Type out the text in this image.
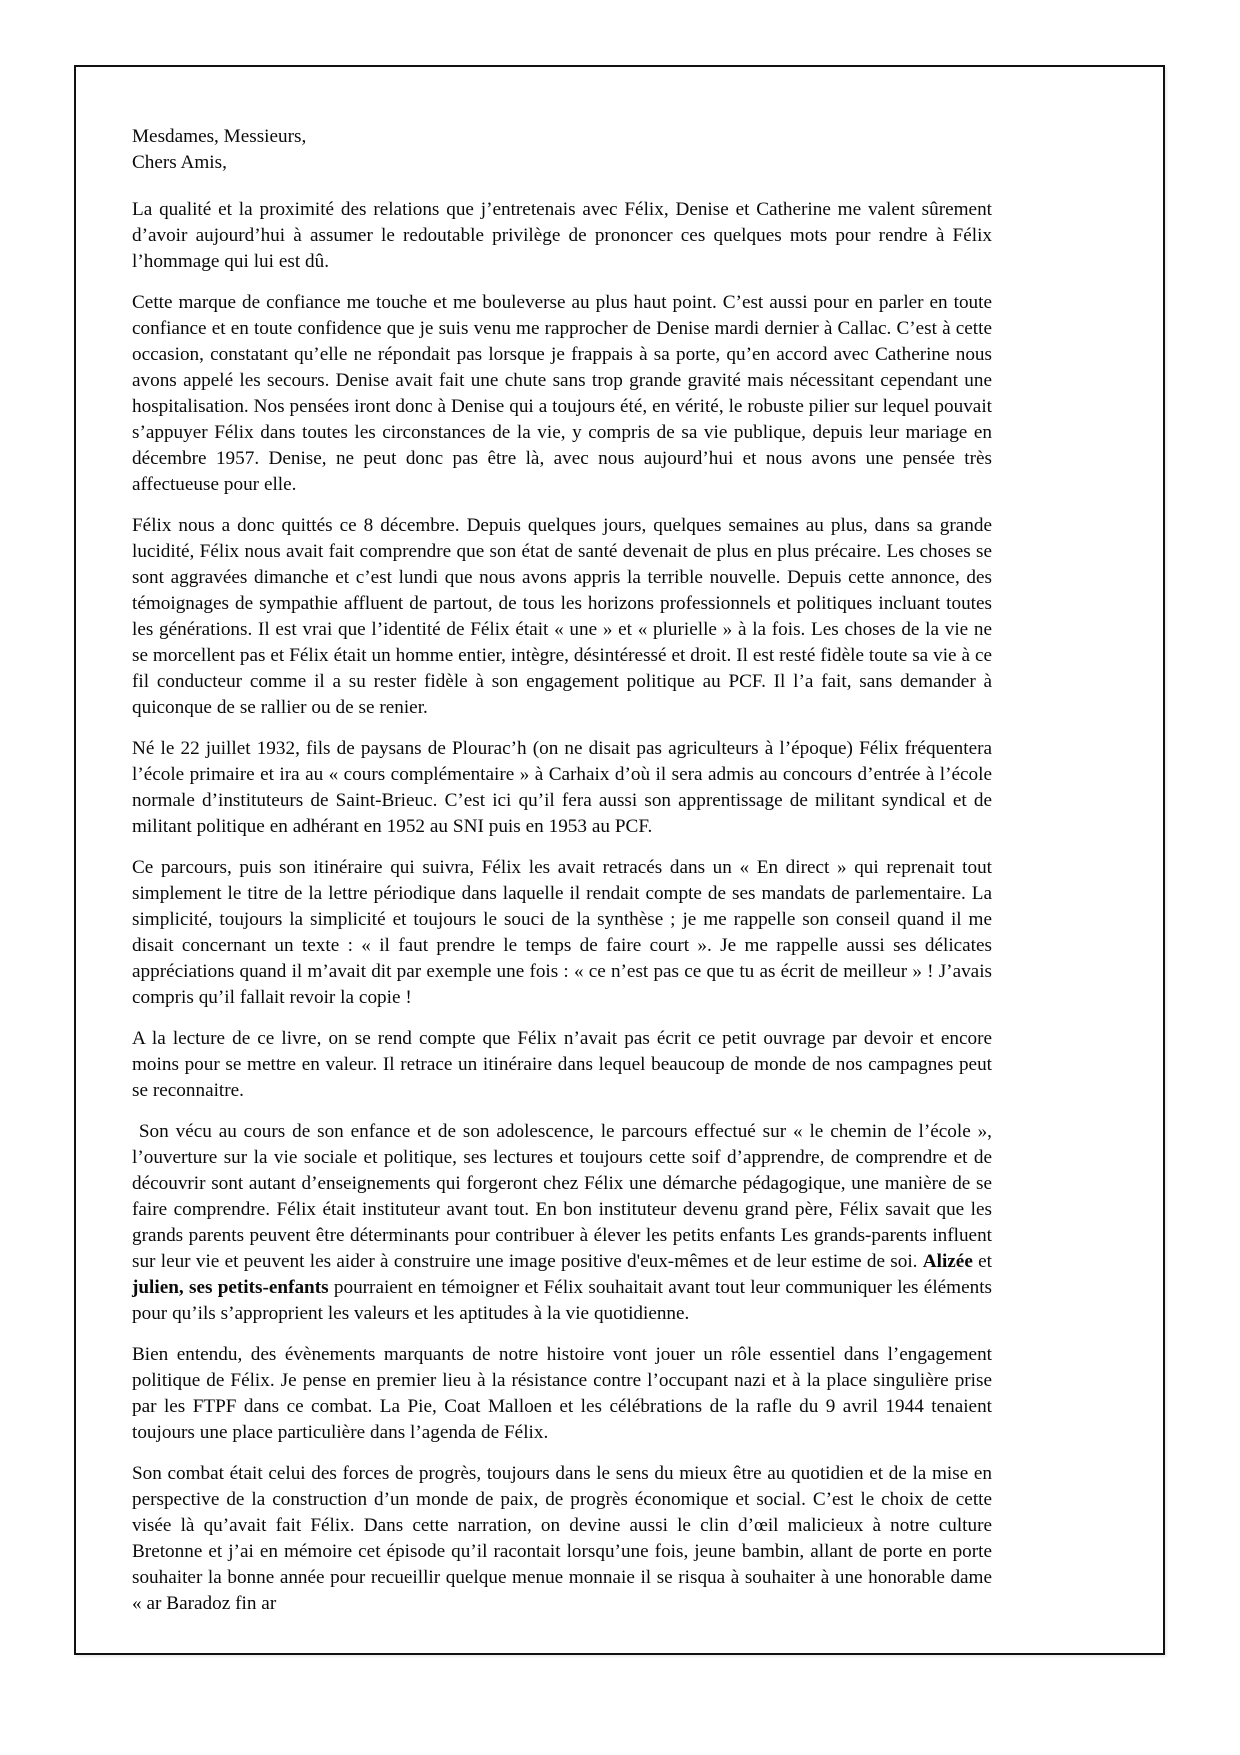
Mesdames, Messieurs,
Chers Amis,

La qualité et la proximité des relations que j’entretenais avec Félix, Denise et Catherine me valent sûrement d’avoir aujourd’hui à assumer le redoutable privilège de prononcer ces quelques mots pour rendre à Félix l’hommage qui lui est dû.

Cette marque de confiance me touche et me bouleverse au plus haut point. C’est aussi pour en parler en toute confiance et en toute confidence que je suis venu me rapprocher de Denise mardi dernier à Callac. C’est à cette occasion, constatant qu’elle ne répondait pas lorsque je frappais à sa porte, qu’en accord avec Catherine nous avons appelé les secours. Denise avait fait une chute sans trop grande gravité mais nécessitant cependant une hospitalisation. Nos pensées iront donc à Denise qui a toujours été, en vérité, le robuste pilier sur lequel pouvait s’appuyer Félix dans toutes les circonstances de la vie, y compris de sa vie publique, depuis leur mariage en décembre 1957. Denise, ne peut donc pas être là, avec nous aujourd’hui et nous avons une pensée très affectueuse pour elle.

Félix nous a donc quittés ce 8 décembre. Depuis quelques jours, quelques semaines au plus, dans sa grande lucidité, Félix nous avait fait comprendre que son état de santé devenait de plus en plus précaire. Les choses se sont aggravées dimanche et c’est lundi que nous avons appris la terrible nouvelle. Depuis cette annonce, des témoignages de sympathie affluent de partout, de tous les horizons professionnels et politiques incluant toutes les générations. Il est vrai que l’identité de Félix était « une » et « plurielle » à la fois. Les choses de la vie ne se morcellent pas et Félix était un homme entier, intègre, désintéressé et droit. Il est resté fidèle toute sa vie à ce fil conducteur comme il a su rester fidèle à son engagement politique au PCF. Il l’a fait, sans demander à quiconque de se rallier ou de se renier.

Né le 22 juillet 1932, fils de paysans de Plourac’h (on ne disait pas agriculteurs à l’époque) Félix fréquentera l’école primaire et ira au « cours complémentaire » à Carhaix d’où il sera admis au concours d’entrée à l’école normale d’instituteurs de Saint-Brieuc. C’est ici qu’il fera aussi son apprentissage de militant syndical et de militant politique en adhérant en 1952 au SNI puis en 1953 au PCF.

Ce parcours, puis son itinéraire qui suivra, Félix les avait retracés dans un « En direct » qui reprenait tout simplement le titre de la lettre périodique dans laquelle il rendait compte de ses mandats de parlementaire. La simplicité, toujours la simplicité et toujours le souci de la synthèse ; je me rappelle son conseil quand il me disait concernant un texte : « il faut prendre le temps de faire court ». Je me rappelle aussi ses délicates appréciations quand il m’avait dit par exemple une fois : « ce n’est pas ce que tu as écrit de meilleur » ! J’avais compris qu’il fallait revoir la copie !

A la lecture de ce livre, on se rend compte que Félix n’avait pas écrit ce petit ouvrage par devoir et encore moins pour se mettre en valeur. Il retrace un itinéraire dans lequel beaucoup de monde de nos campagnes peut se reconnaitre.

Son vécu au cours de son enfance et de son adolescence, le parcours effectué sur « le chemin de l’école », l’ouverture sur la vie sociale et politique, ses lectures et toujours cette soif d’apprendre, de comprendre et de découvrir sont autant d’enseignements qui forgeront chez Félix une démarche pédagogique, une manière de se faire comprendre. Félix était instituteur avant tout. En bon instituteur devenu grand père, Félix savait que les grands parents peuvent être déterminants pour contribuer à élever les petits enfants Les grands-parents influent sur leur vie et peuvent les aider à construire une image positive d'eux-mêmes et de leur estime de soi. Alizée et julien, ses petits-enfants pourraient en témoigner et Félix souhaitait avant tout leur communiquer les éléments pour qu’ils s’approprient les valeurs et les aptitudes à la vie quotidienne.

Bien entendu, des évènements marquants de notre histoire vont jouer un rôle essentiel dans l’engagement politique de Félix. Je pense en premier lieu à la résistance contre l’occupant nazi et à la place singulière prise par les FTPF dans ce combat. La Pie, Coat Malloen et les célébrations de la rafle du 9 avril 1944 tenaient toujours une place particulière dans l’agenda de Félix.

Son combat était celui des forces de progrès, toujours dans le sens du mieux être au quotidien et de la mise en perspective de la construction d’un monde de paix, de progrès économique et social. C’est le choix de cette visée là qu’avait fait Félix. Dans cette narration, on devine aussi le clin d’œil malicieux à notre culture Bretonne et j’ai en mémoire cet épisode qu’il racontait lorsqu’une fois, jeune bambin, allant de porte en porte souhaiter la bonne année pour recueillir quelque menue monnaie il se risqua à souhaiter à une honorable dame « ar Baradoz fin ar
